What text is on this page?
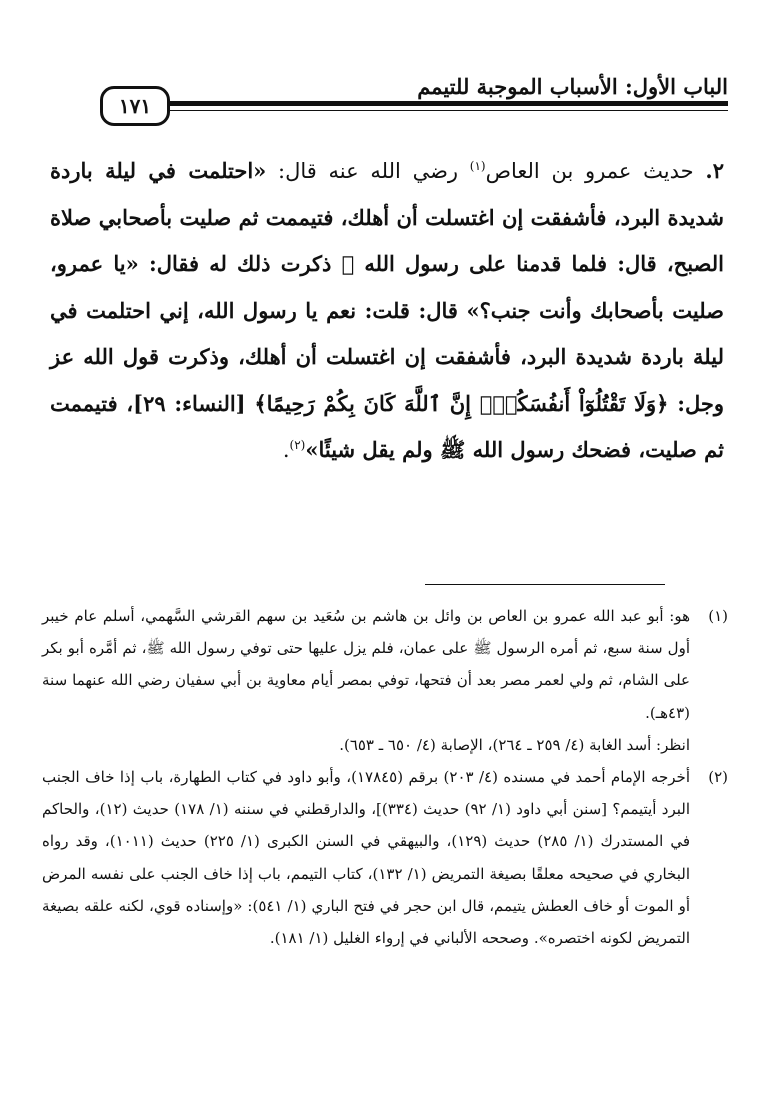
الباب الأول: الأسباب الموجبة للتيمم
١٧١

٢. حديث عمرو بن العاص$^{(١)}$ رضي الله عنه قال: «احتلمت في ليلة باردة شديدة البرد، فأشفقت إن اغتسلت أن أهلك، فتيممت ثم صليت بأصحابي صلاة الصبح، قال: فلما قدمنا على رسول الله ﷺ ذكرت ذلك له فقال: «يا عمرو، صليت بأصحابك وأنت جنب؟» قال: قلت: نعم يا رسول الله، إني احتلمت في ليلة باردة شديدة البرد، فأشفقت إن اغتسلت أن أهلك، وذكرت قول الله عز وجل: ﴿وَلَا تَقْتُلُوٓاْ أَنفُسَكُمْۚ إِنَّ ٱللَّهَ كَانَ بِكُمْ رَحِيمًا﴾ [النساء: ٢٩]، فتيممت ثم صليت، فضحك رسول الله ﷺ ولم يقل شيئًا»$^{(٢)}$.

(١)

هو: أبو عبد الله عمرو بن العاص بن وائل بن هاشم بن سُعَيد بن سهم القرشي السَّهمي، أسلم عام خيبر أول سنة سبع، ثم أمره الرسول ﷺ على عمان، فلم يزل عليها حتى توفي رسول الله ﷺ، ثم أمَّره أبو بكر على الشام، ثم ولي لعمر مصر بعد أن فتحها، توفي بمصر أيام معاوية بن أبي سفيان رضي الله عنهما سنة (٤٣هـ).

انظر: أسد الغابة (٤/ ٢٥٩ ـ ٢٦٤)، الإصابة (٤/ ٦٥٠ ـ ٦٥٣).

(٢)

أخرجه الإمام أحمد في مسنده (٤/ ٢٠٣) برقم (١٧٨٤٥)، وأبو داود في كتاب الطهارة، باب إذا خاف الجنب البرد أيتيمم؟ [سنن أبي داود (١/ ٩٢) حديث (٣٣٤)]، والدارقطني في سننه (١/ ١٧٨) حديث (١٢)، والحاكم في المستدرك (١/ ٢٨٥) حديث (١٢٩)، والبيهقي في السنن الكبرى (١/ ٢٢٥) حديث (١٠١١)، وقد رواه البخاري في صحيحه معلقًا بصيغة التمريض (١/ ١٣٢)، كتاب التيمم، باب إذا خاف الجنب على نفسه المرض أو الموت أو خاف العطش يتيمم، قال ابن حجر في فتح الباري (١/ ٥٤١): «وإسناده قوي، لكنه علقه بصيغة التمريض لكونه اختصره». وصححه الألباني في إرواء الغليل (١/ ١٨١).
